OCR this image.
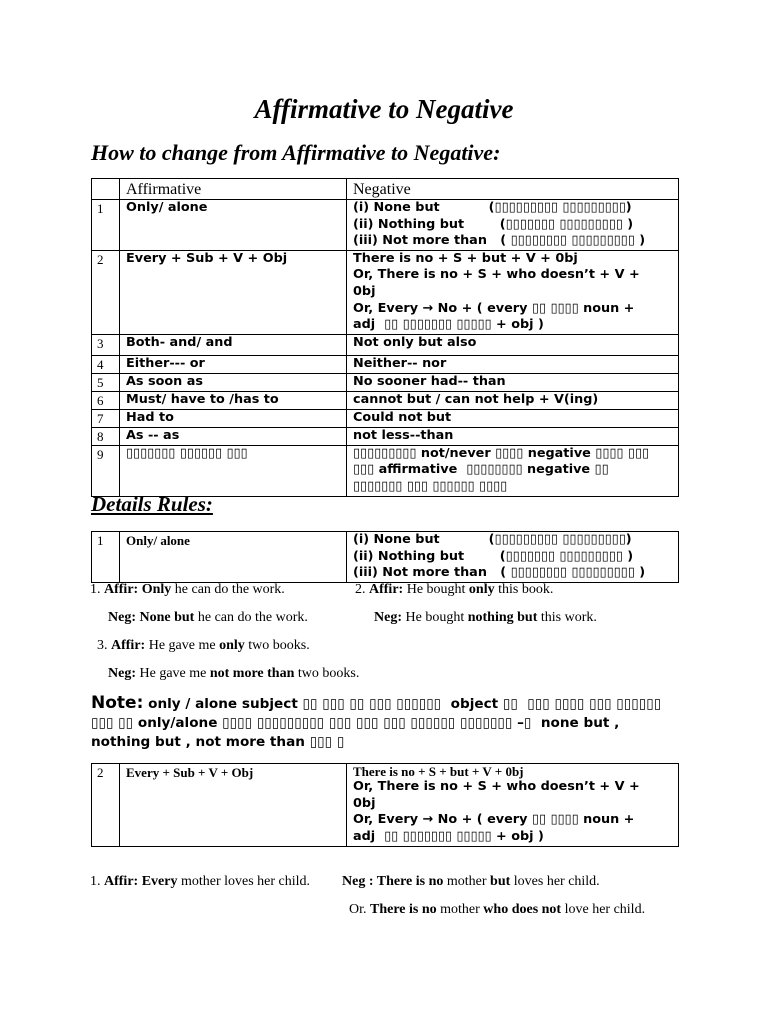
Affirmative to Negative
How to change from Affirmative to Negative:
	Affirmative	Negative
1	Only/ alone	(i) None but           (▯▯▯▯▯▯▯▯▯ ▯▯▯▯▯▯▯▯▯)
(ii) Nothing but        (▯▯▯▯▯▯▯ ▯▯▯▯▯▯▯▯▯ )
(iii) Not more than   ( ▯▯▯▯▯▯▯▯ ▯▯▯▯▯▯▯▯▯ )

2	Every + Sub + V + Obj	There is no + S + but + V + 0bj
Or, There is no + S + who doesn’t + V +
0bj
Or, Every → No + ( every ▯▯ ▯▯▯▯ noun +
adj  ▯▯ ▯▯▯▯▯▯▯ ▯▯▯▯▯ + obj )

3	Both- and/ and	Not only but also
4	Either--- or	Neither-- nor
5	As soon as	No sooner had-- than
6	Must/ have to /has to	cannot but / can not help + V(ing)
7	Had to	Could not but
8	As -- as	not less--than
9	▯▯▯▯▯▯▯ ▯▯▯▯▯▯ ▯▯▯	▯▯▯▯▯▯▯▯▯ not/never ▯▯▯▯ negative ▯▯▯▯ ▯▯▯
▯▯▯ affirmative  ▯▯▯▯▯▯▯▯ negative ▯▯
▯▯▯▯▯▯▯ ▯▯▯ ▯▯▯▯▯▯ ▯▯▯▯
Details Rules:
1	Only/ alone	(i) None but           (▯▯▯▯▯▯▯▯▯ ▯▯▯▯▯▯▯▯▯)
(ii) Nothing but        (▯▯▯▯▯▯▯ ▯▯▯▯▯▯▯▯▯ )
(iii) Not more than   ( ▯▯▯▯▯▯▯▯ ▯▯▯▯▯▯▯▯▯ )
1. Affir: Only he can do the work.	2. Affir: He bought only this book.
Neg: None but he can do the work.	Neg: He bought nothing but this work.
3. Affir: He gave me only two books.
Neg: He gave me not more than two books.
Note: only / alone subject ▯▯ ▯▯▯ ▯▯ ▯▯▯ ▯▯▯▯▯▯  object ▯▯  ▯▯▯ ▯▯▯▯ ▯▯▯ ▯▯▯▯▯▯
▯▯▯ ▯▯ only/alone ▯▯▯▯ ▯▯▯▯▯▯▯▯▯ ▯▯▯ ▯▯▯ ▯▯▯ ▯▯▯▯▯▯ ▯▯▯▯▯▯▯ –▯  none but ,
nothing but , not more than ▯▯▯ ▯
2	Every + Sub + V + Obj	There is no + S + but + V + 0bj
Or, There is no + S + who doesn’t + V +
0bj
Or, Every → No + ( every ▯▯ ▯▯▯▯ noun +
adj  ▯▯ ▯▯▯▯▯▯▯ ▯▯▯▯▯ + obj )
1. Affir: Every mother loves her child. Neg : There is no mother but loves her child.
Or. There is no mother who does not love her child.
